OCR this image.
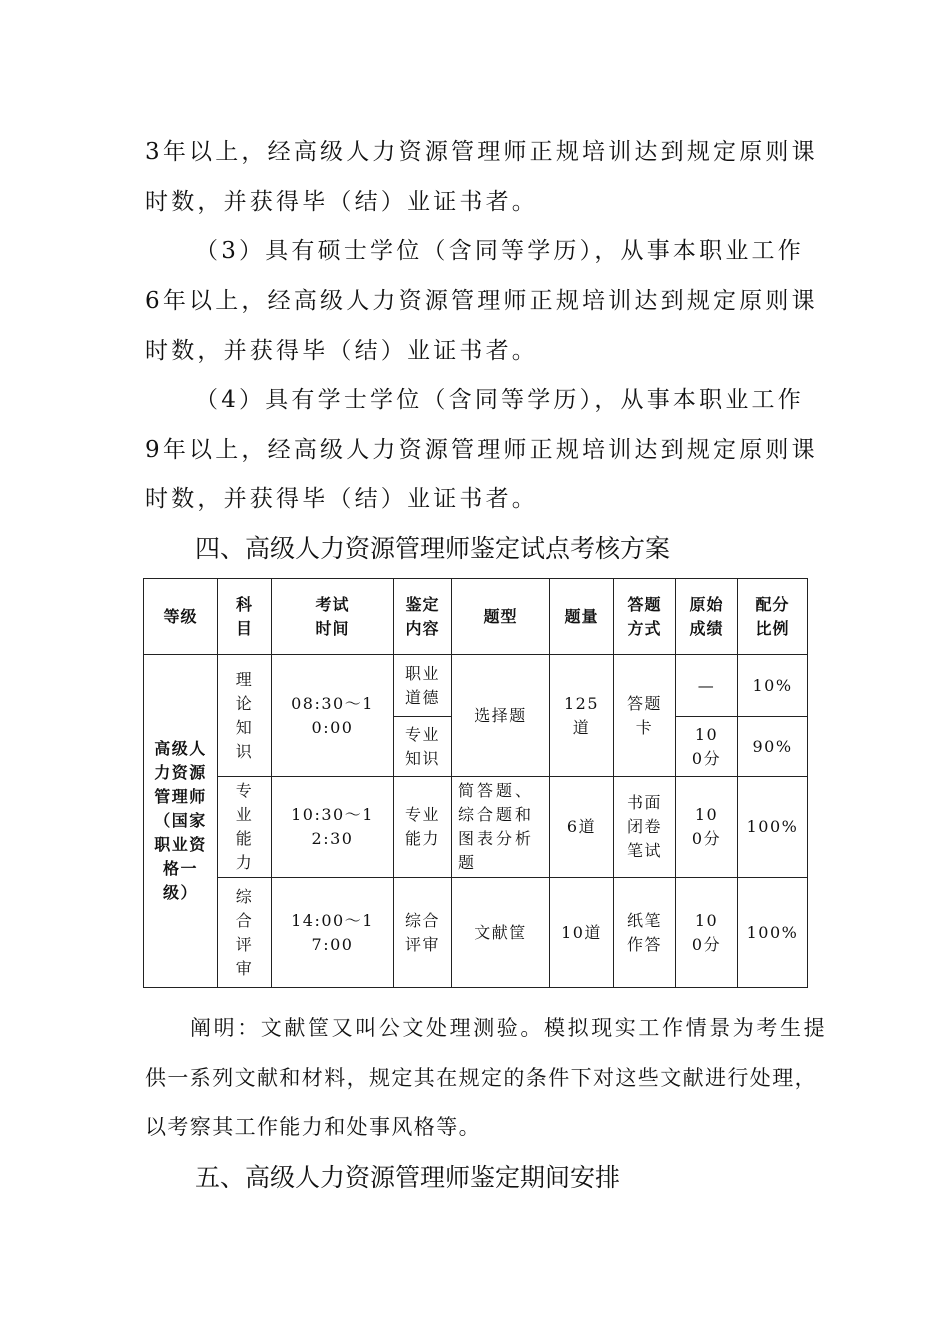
3年以上，经高级人力资源管理师正规培训达到规定原则课
时数，并获得毕（结）业证书者。
（3）具有硕士学位（含同等学历），从事本职业工作
6年以上，经高级人力资源管理师正规培训达到规定原则课
时数，并获得毕（结）业证书者。
（4）具有学士学位（含同等学历），从事本职业工作
9年以上，经高级人力资源管理师正规培训达到规定原则课
时数，并获得毕（结）业证书者。
四、高级人力资源管理师鉴定试点考核方案
等级	科目	考试时间	鉴定内容	题型	题量	答题方式	原始成绩	配分比例
高级人力资源管理师（国家职业资格一级）	理论知识	08:30～10:00	职业道德	选择题	125道	答题卡	—	10%
			专业知识				100分	90%
	专业能力	10:30～12:30	专业能力	简答题、综合题和图表分析题	6道	书面闭卷笔试	100分	100%
	综合评审	14:00～17:00	综合评审	文献筐	10道	纸笔作答	100分	100%
阐明：文献筐又叫公文处理测验。模拟现实工作情景为考生提
供一系列文献和材料，规定其在规定的条件下对这些文献进行处理，
以考察其工作能力和处事风格等。
五、高级人力资源管理师鉴定期间安排
